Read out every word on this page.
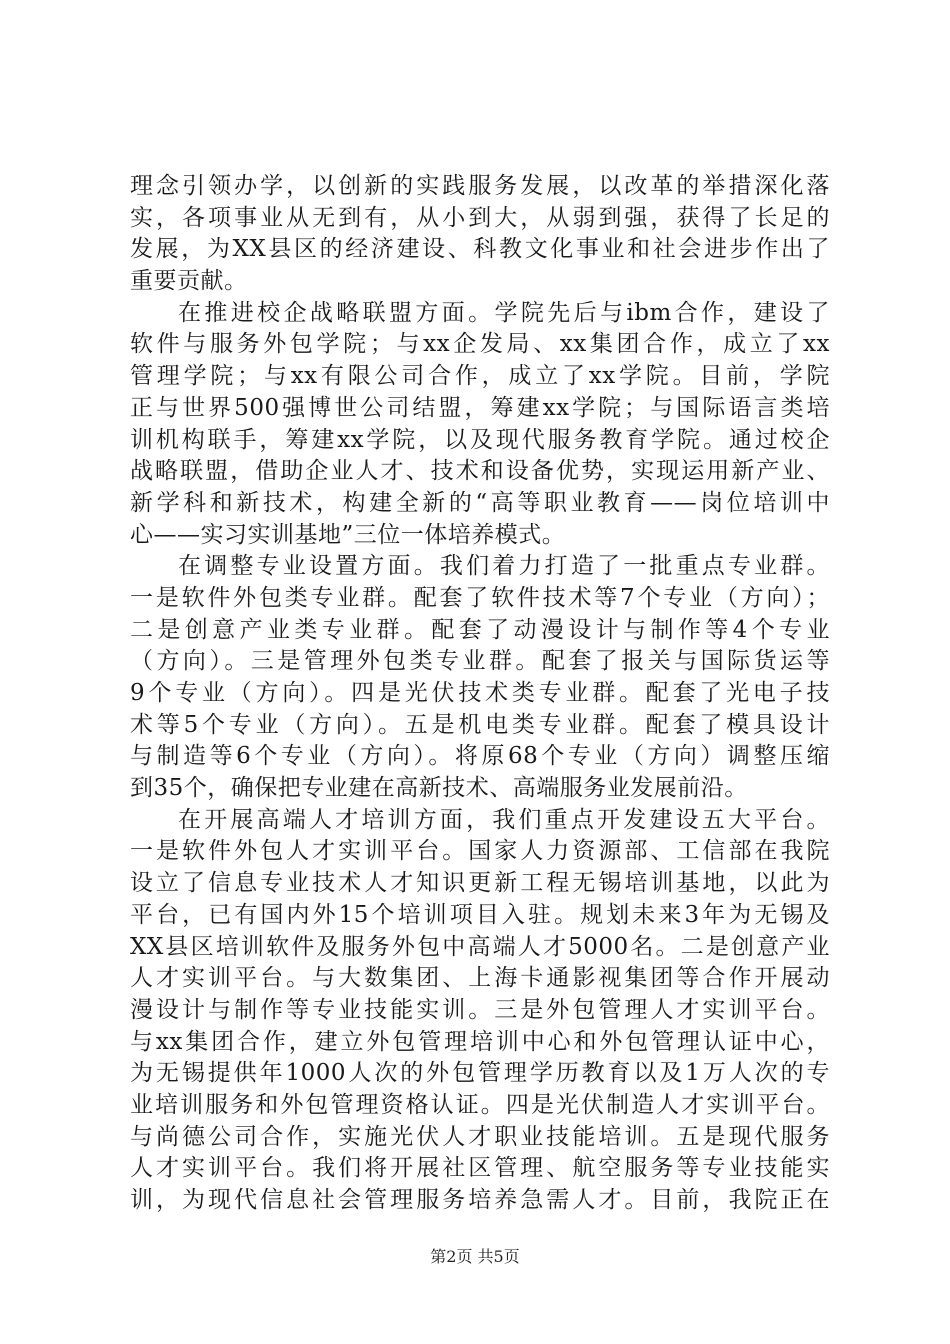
理念引领办学，以创新的实践服务发展，以改革的举措深化落
实，各项事业从无到有，从小到大，从弱到强，获得了长足的
发展，为XX县区的经济建设、科教文化事业和社会进步作出了
重要贡献。
在推进校企战略联盟方面。学院先后与ibm合作，建设了
软件与服务外包学院；与xx企发局、xx集团合作，成立了xx
管理学院；与xx有限公司合作，成立了xx学院。目前，学院
正与世界500强博世公司结盟，筹建xx学院；与国际语言类培
训机构联手，筹建xx学院，以及现代服务教育学院。通过校企
战略联盟，借助企业人才、技术和设备优势，实现运用新产业、
新学科和新技术，构建全新的“高等职业教育——岗位培训中
心——实习实训基地”三位一体培养模式。
在调整专业设置方面。我们着力打造了一批重点专业群。
一是软件外包类专业群。配套了软件技术等7个专业（方向）；
二是创意产业类专业群。配套了动漫设计与制作等4个专业
（方向）。三是管理外包类专业群。配套了报关与国际货运等
9个专业（方向）。四是光伏技术类专业群。配套了光电子技
术等5个专业（方向）。五是机电类专业群。配套了模具设计
与制造等6个专业（方向）。将原68个专业（方向）调整压缩
到35个，确保把专业建在高新技术、高端服务业发展前沿。
在开展高端人才培训方面，我们重点开发建设五大平台。
一是软件外包人才实训平台。国家人力资源部、工信部在我院
设立了信息专业技术人才知识更新工程无锡培训基地，以此为
平台，已有国内外15个培训项目入驻。规划未来3年为无锡及
XX县区培训软件及服务外包中高端人才5000名。二是创意产业
人才实训平台。与大数集团、上海卡通影视集团等合作开展动
漫设计与制作等专业技能实训。三是外包管理人才实训平台。
与xx集团合作，建立外包管理培训中心和外包管理认证中心，
为无锡提供年1000人次的外包管理学历教育以及1万人次的专
业培训服务和外包管理资格认证。四是光伏制造人才实训平台。
与尚德公司合作，实施光伏人才职业技能培训。五是现代服务
人才实训平台。我们将开展社区管理、航空服务等专业技能实
训，为现代信息社会管理服务培养急需人才。目前，我院正在
第2页 共5页
